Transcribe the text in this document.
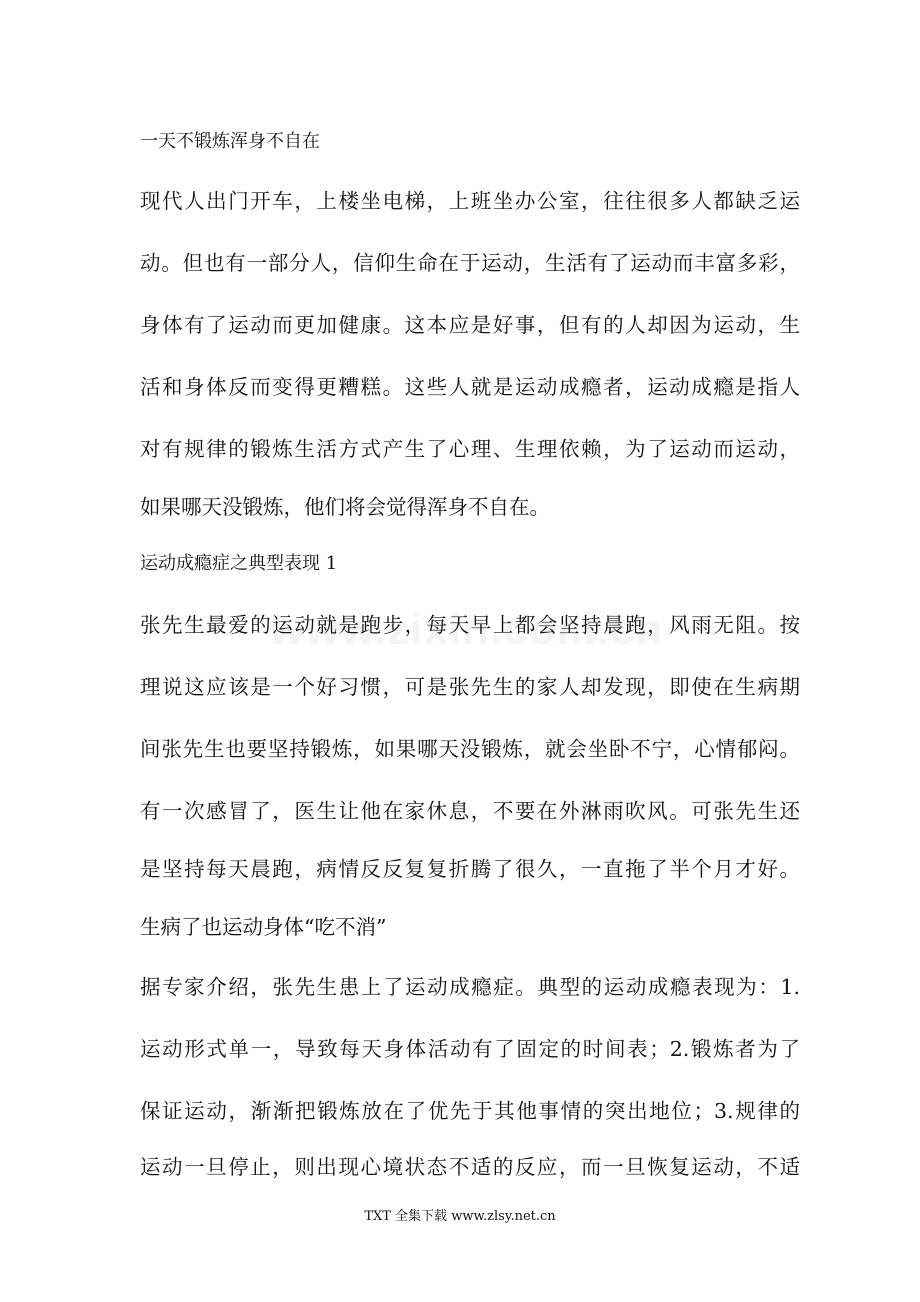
一天不锻炼浑身不自在
现代人出门开车，上楼坐电梯，上班坐办公室，往往很多人都缺乏运
动。但也有一部分人，信仰生命在于运动，生活有了运动而丰富多彩，
身体有了运动而更加健康。这本应是好事，但有的人却因为运动，生
活和身体反而变得更糟糕。这些人就是运动成瘾者，运动成瘾是指人
对有规律的锻炼生活方式产生了心理、生理依赖，为了运动而运动，
如果哪天没锻炼，他们将会觉得浑身不自在。
运动成瘾症之典型表现 1
张先生最爱的运动就是跑步，每天早上都会坚持晨跑，风雨无阻。按
理说这应该是一个好习惯，可是张先生的家人却发现，即使在生病期
间张先生也要坚持锻炼，如果哪天没锻炼，就会坐卧不宁，心情郁闷。
有一次感冒了，医生让他在家休息，不要在外淋雨吹风。可张先生还
是坚持每天晨跑，病情反反复复折腾了很久，一直拖了半个月才好。
生病了也运动身体“吃不消”
据专家介绍，张先生患上了运动成瘾症。典型的运动成瘾表现为：1.
运动形式单一，导致每天身体活动有了固定的时间表；2.锻炼者为了
保证运动，渐渐把锻炼放在了优先于其他事情的突出地位；3.规律的
运动一旦停止，则出现心境状态不适的反应，而一旦恢复运动，不适
TXT 全集下载 www.zlsy.net.cn
